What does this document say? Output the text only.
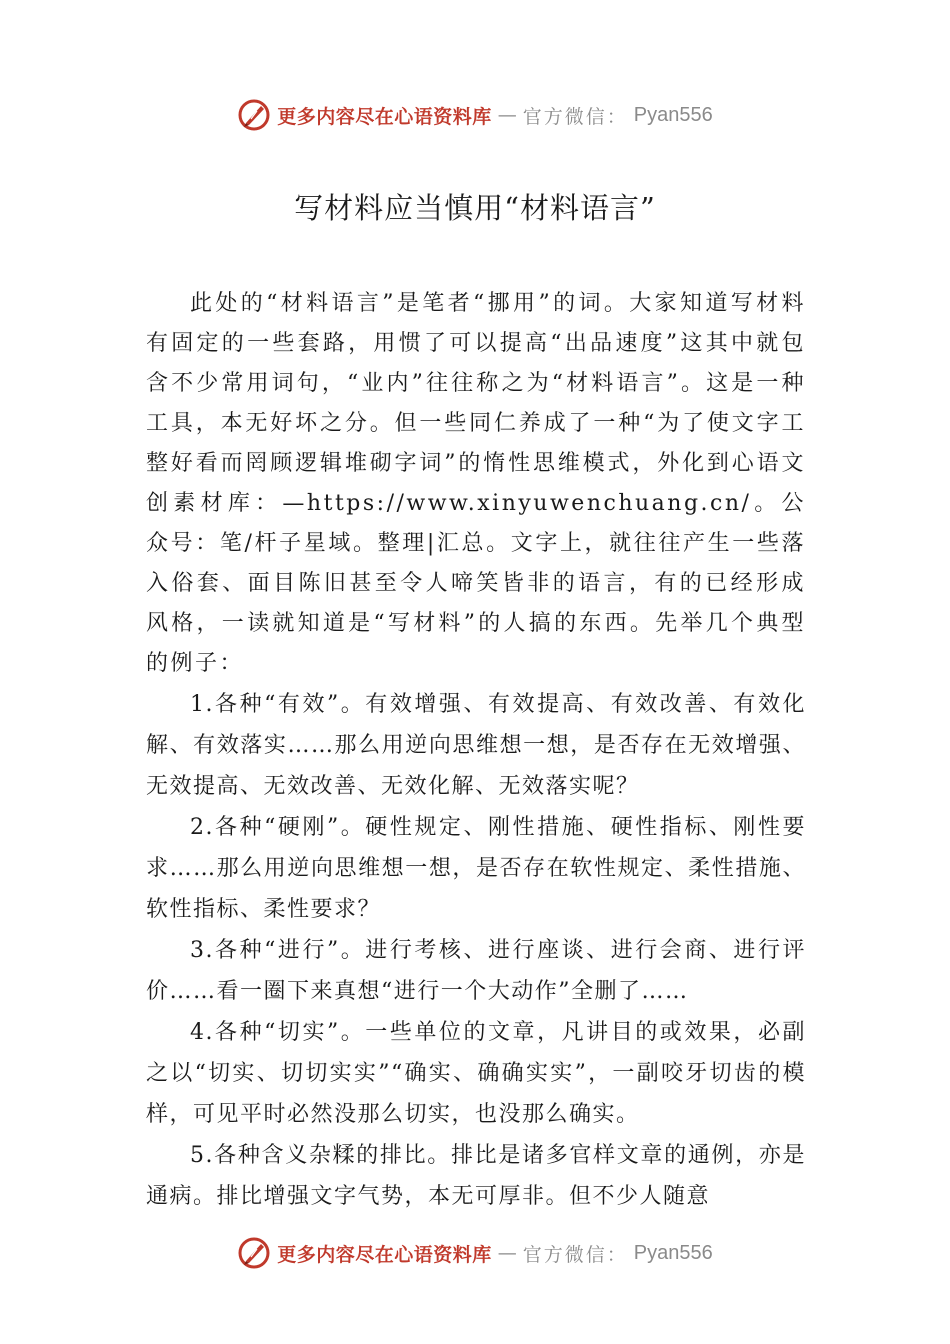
更多内容尽在心语资料库 — 官方微信： Pyan556
写材料应当慎用“材料语言”

此处的“材料语言”是笔者“挪用”的词。大家知道写材料有固定的一些套路，用惯了可以提高“出品速度”这其中就包含不少常用词句，“业内”往往称之为“材料语言”。这是一种工具，本无好坏之分。但一些同仁养成了一种“为了使文字工整好看而罔顾逻辑堆砌字词”的惰性思维模式，外化到心语文创素材库：—https://www.xinyuwenchuang.cn/。公众号：笔/杆子星域。整理|汇总。文字上，就往往产生一些落入俗套、面目陈旧甚至令人啼笑皆非的语言，有的已经形成风格，一读就知道是“写材料”的人搞的东西。先举几个典型的例子：

1.各种“有效”。有效增强、有效提高、有效改善、有效化解、有效落实……那么用逆向思维想一想，是否存在无效增强、无效提高、无效改善、无效化解、无效落实呢？

2.各种“硬刚”。硬性规定、刚性措施、硬性指标、刚性要求……那么用逆向思维想一想，是否存在软性规定、柔性措施、软性指标、柔性要求？

3.各种“进行”。进行考核、进行座谈、进行会商、进行评价……看一圈下来真想“进行一个大动作”全删了……

4.各种“切实”。一些单位的文章，凡讲目的或效果，必副 之以“切实、切切实实”“确实、确确实实”，一副咬牙切齿的模样，可见平时必然没那么切实，也没那么确实。

5.各种含义杂糅的排比。排比是诸多官样文章的通例，亦是通病。排比增强文字气势，本无可厚非。但不少人随意

更多内容尽在心语资料库 — 官方微信： Pyan556
